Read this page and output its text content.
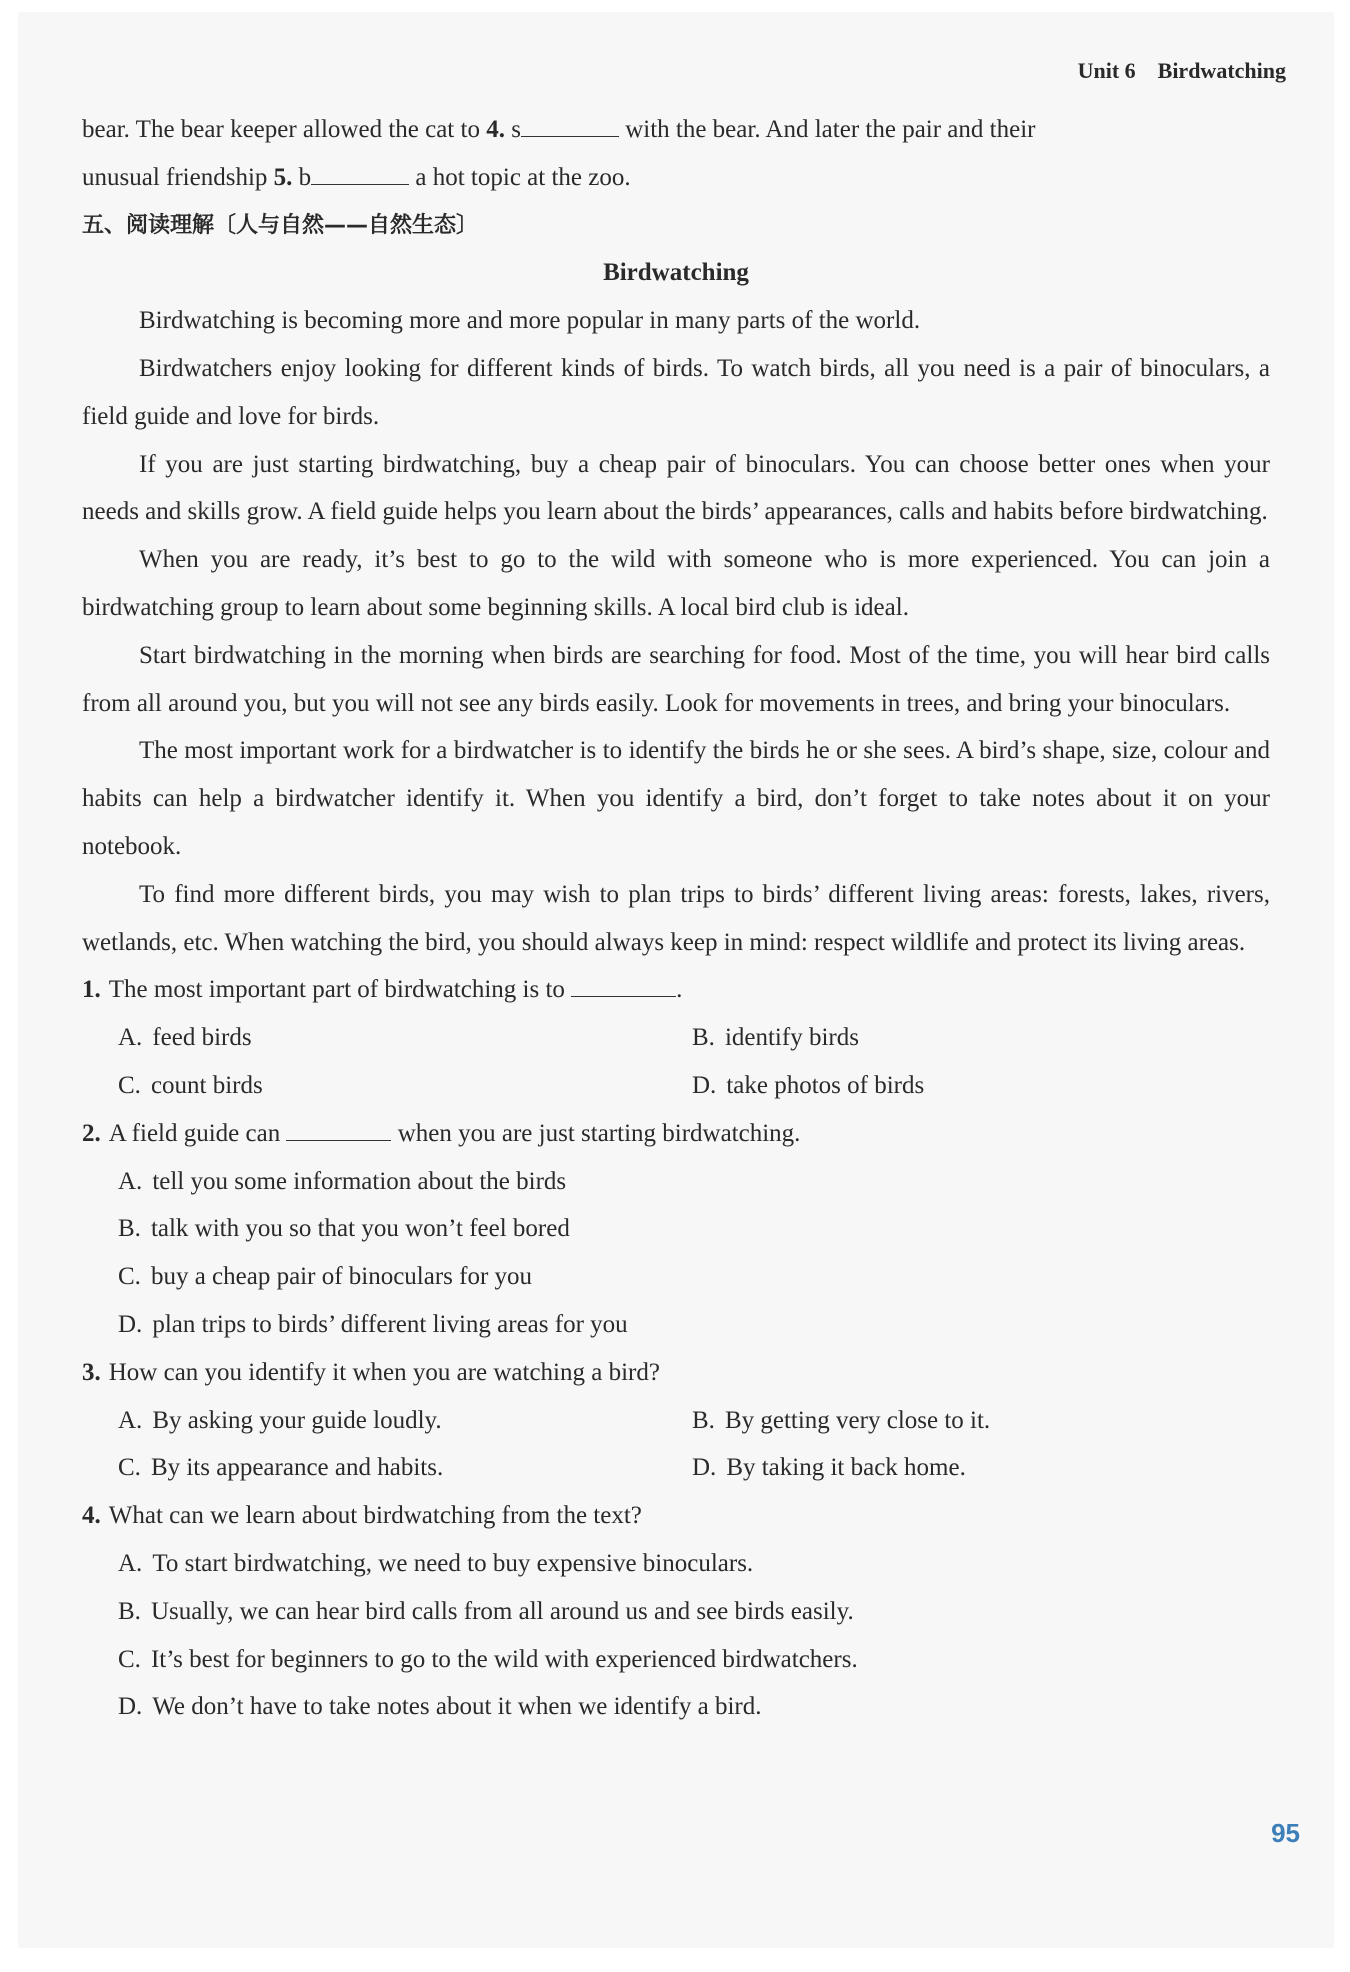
Unit 6 Birdwatching

bear. The bear keeper allowed the cat to 4. s	with the bear. And later the pair and their

unusual friendship 5. b	a hot topic at the zoo.

五、阅读理解〔人与自然——自然生态〕

Birdwatching

Birdwatching is becoming more and more popular in many parts of the world.

Birdwatchers enjoy looking for different kinds of birds. To watch birds, all you need is a pair of binoculars, a field guide and love for birds.

If you are just starting birdwatching, buy a cheap pair of binoculars. You can choose better ones when your needs and skills grow. A field guide helps you learn about the birds’ appearances, calls and habits before birdwatching.

When you are ready, it’s best to go to the wild with someone who is more experienced. You can join a birdwatching group to learn about some beginning skills. A local bird club is ideal.

Start birdwatching in the morning when birds are searching for food. Most of the time, you will hear bird calls from all around you, but you will not see any birds easily. Look for movements in trees, and bring your binoculars.

The most important work for a birdwatcher is to identify the birds he or she sees. A bird’s shape, size, colour and habits can help a birdwatcher identify it. When you identify a bird, don’t forget to take notes about it on your notebook.

To find more different birds, you may wish to plan trips to birds’ different living areas: forests, lakes, rivers, wetlands, etc. When watching the bird, you should always keep in mind: respect wildlife and protect its living areas.

1. The most important part of birdwatching is to	.

A. feed birds	B. identify birds
C. count birds	D. take photos of birds

2. A field guide can	when you are just starting birdwatching.

A. tell you some information about the birds

B. talk with you so that you won’t feel bored

C. buy a cheap pair of binoculars for you

D. plan trips to birds’ different living areas for you

3. How can you identify it when you are watching a bird?

A. By asking your guide loudly.	B. By getting very close to it.
C. By its appearance and habits.	D. By taking it back home.

4. What can we learn about birdwatching from the text?

A. To start birdwatching, we need to buy expensive binoculars.

B. Usually, we can hear bird calls from all around us and see birds easily.

C. It’s best for beginners to go to the wild with experienced birdwatchers.

D. We don’t have to take notes about it when we identify a bird.

95
